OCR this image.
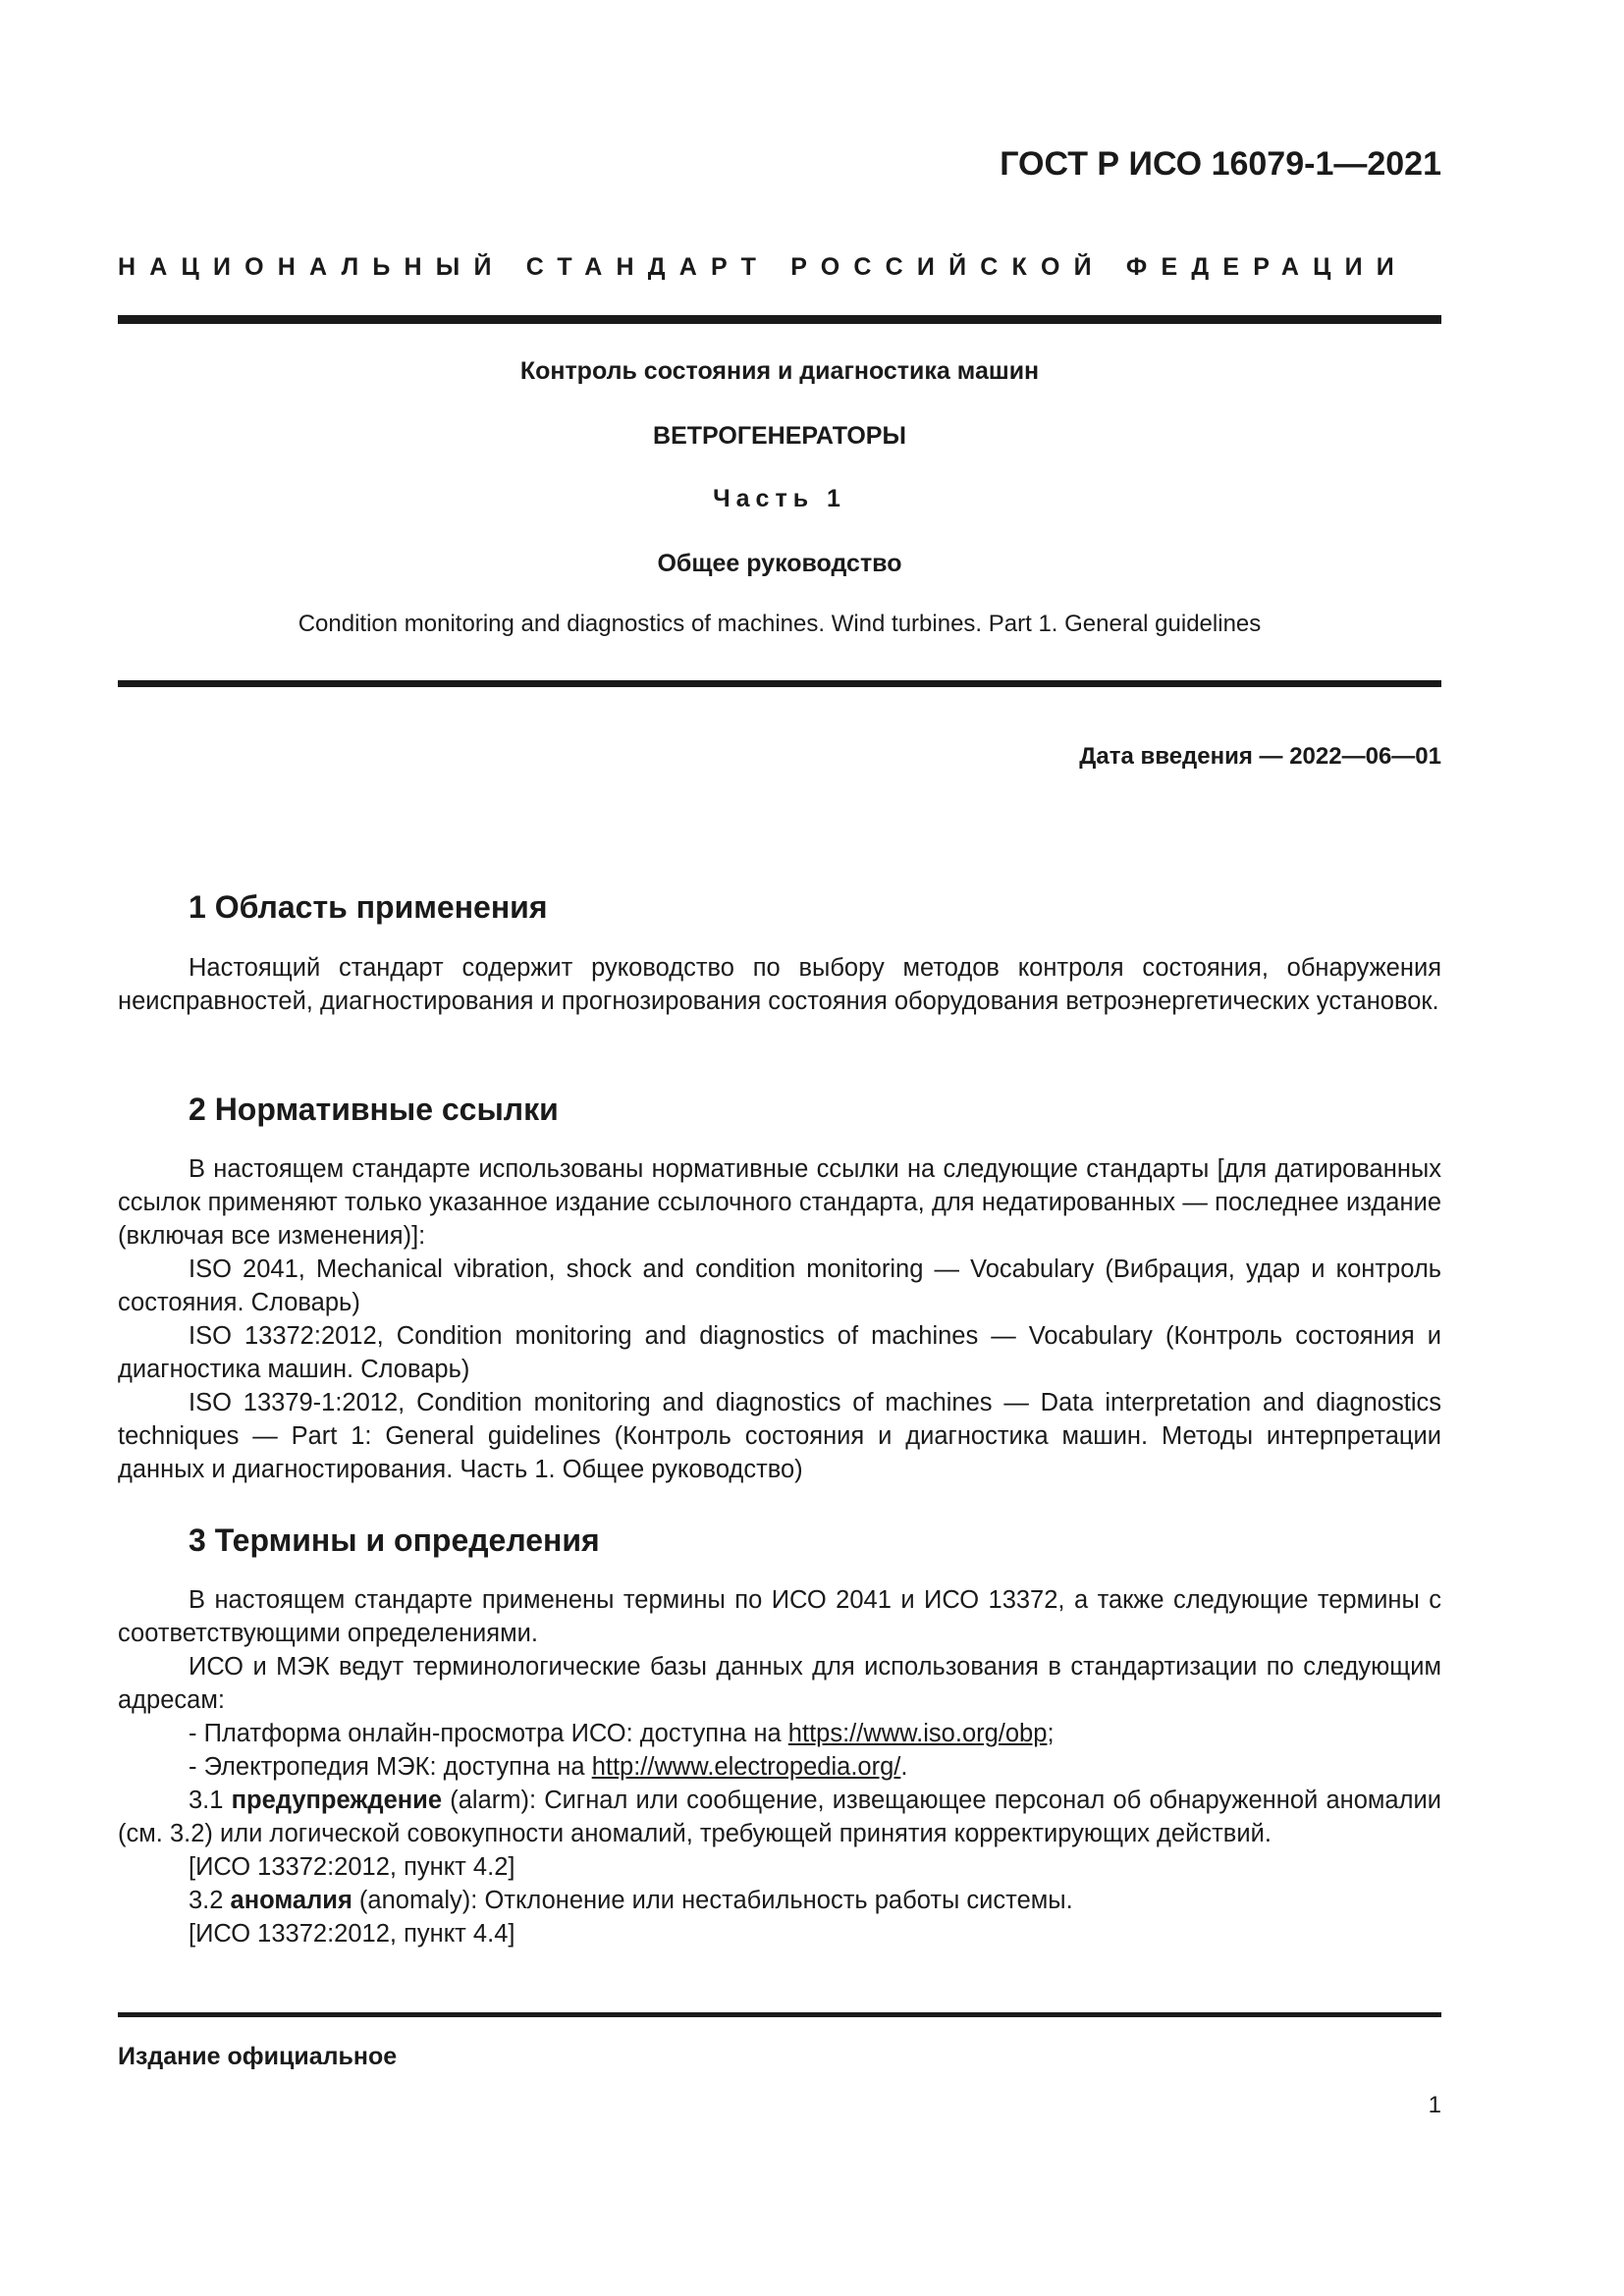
ГОСТ Р ИСО 16079-1—2021
НАЦИОНАЛЬНЫЙ СТАНДАРТ РОССИЙСКОЙ ФЕДЕРАЦИИ
Контроль состояния и диагностика машин
ВЕТРОГЕНЕРАТОРЫ
Часть 1
Общее руководство
Condition monitoring and diagnostics of machines. Wind turbines. Part 1. General guidelines
Дата введения — 2022—06—01
1 Область применения

Настоящий стандарт содержит руководство по выбору методов контроля состояния, обнаружения неисправностей, диагностирования и прогнозирования состояния оборудования ветроэнергетических установок.

2 Нормативные ссылки

В настоящем стандарте использованы нормативные ссылки на следующие стандарты [для датированных ссылок применяют только указанное издание ссылочного стандарта, для недатированных — последнее издание (включая все изменения)]:

ISO 2041, Mechanical vibration, shock and condition monitoring — Vocabulary (Вибрация, удар и контроль состояния. Словарь)

ISO 13372:2012, Condition monitoring and diagnostics of machines — Vocabulary (Контроль состояния и диагностика машин. Словарь)

ISO 13379-1:2012, Condition monitoring and diagnostics of machines — Data interpretation and diagnostics techniques — Part 1: General guidelines (Контроль состояния и диагностика машин. Методы интерпретации данных и диагностирования. Часть 1. Общее руководство)

3 Термины и определения

В настоящем стандарте применены термины по ИСО 2041 и ИСО 13372, а также следующие термины с соответствующими определениями.

ИСО и МЭК ведут терминологические базы данных для использования в стандартизации по следующим адресам:

- Платформа онлайн-просмотра ИСО: доступна на https://www.iso.org/obp;

- Электропедия МЭК: доступна на http://www.electropedia.org/.

3.1 предупреждение (alarm): Сигнал или сообщение, извещающее персонал об обнаруженной аномалии (см. 3.2) или логической совокупности аномалий, требующей принятия корректирующих действий.

[ИСО 13372:2012, пункт 4.2]

3.2 аномалия (anomaly): Отклонение или нестабильность работы системы.

[ИСО 13372:2012, пункт 4.4]

Издание официальное
1
